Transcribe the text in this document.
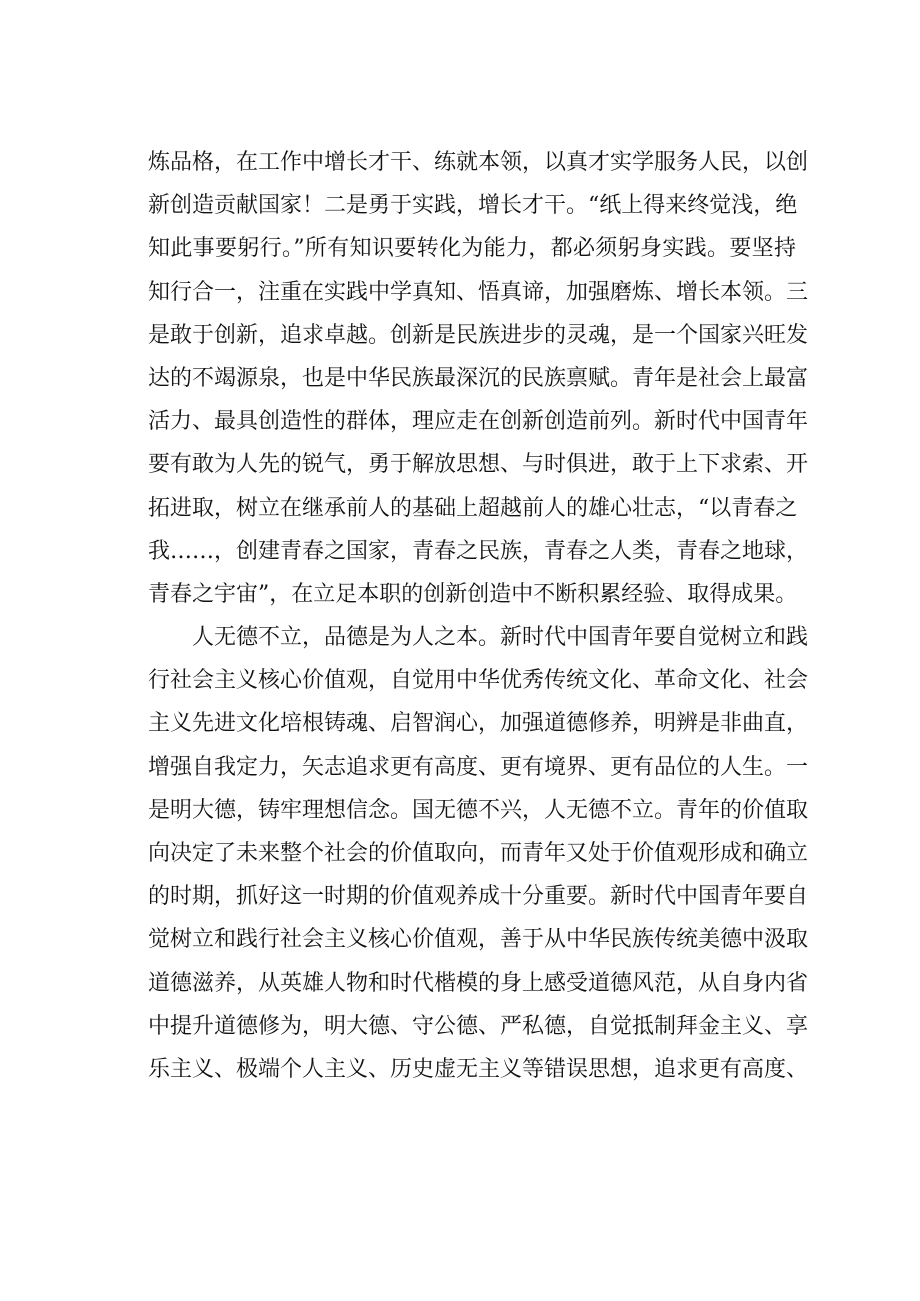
炼品格，在工作中增长才干、练就本领，以真才实学服务人民，以创
新创造贡献国家！二是勇于实践，增长才干。“纸上得来终觉浅，绝
知此事要躬行。”所有知识要转化为能力，都必须躬身实践。要坚持
知行合一，注重在实践中学真知、悟真谛，加强磨炼、增长本领。三
是敢于创新，追求卓越。创新是民族进步的灵魂，是一个国家兴旺发
达的不竭源泉，也是中华民族最深沉的民族禀赋。青年是社会上最富
活力、最具创造性的群体，理应走在创新创造前列。新时代中国青年
要有敢为人先的锐气，勇于解放思想、与时俱进，敢于上下求索、开
拓进取，树立在继承前人的基础上超越前人的雄心壮志，“以青春之
我……，创建青春之国家，青春之民族，青春之人类，青春之地球，
青春之宇宙”，在立足本职的创新创造中不断积累经验、取得成果。
人无德不立，品德是为人之本。新时代中国青年要自觉树立和践
行社会主义核心价值观，自觉用中华优秀传统文化、革命文化、社会
主义先进文化培根铸魂、启智润心，加强道德修养，明辨是非曲直，
增强自我定力，矢志追求更有高度、更有境界、更有品位的人生。一
是明大德，铸牢理想信念。国无德不兴，人无德不立。青年的价值取
向决定了未来整个社会的价值取向，而青年又处于价值观形成和确立
的时期，抓好这一时期的价值观养成十分重要。新时代中国青年要自
觉树立和践行社会主义核心价值观，善于从中华民族传统美德中汲取
道德滋养，从英雄人物和时代楷模的身上感受道德风范，从自身内省
中提升道德修为，明大德、守公德、严私德，自觉抵制拜金主义、享
乐主义、极端个人主义、历史虚无主义等错误思想，追求更有高度、
